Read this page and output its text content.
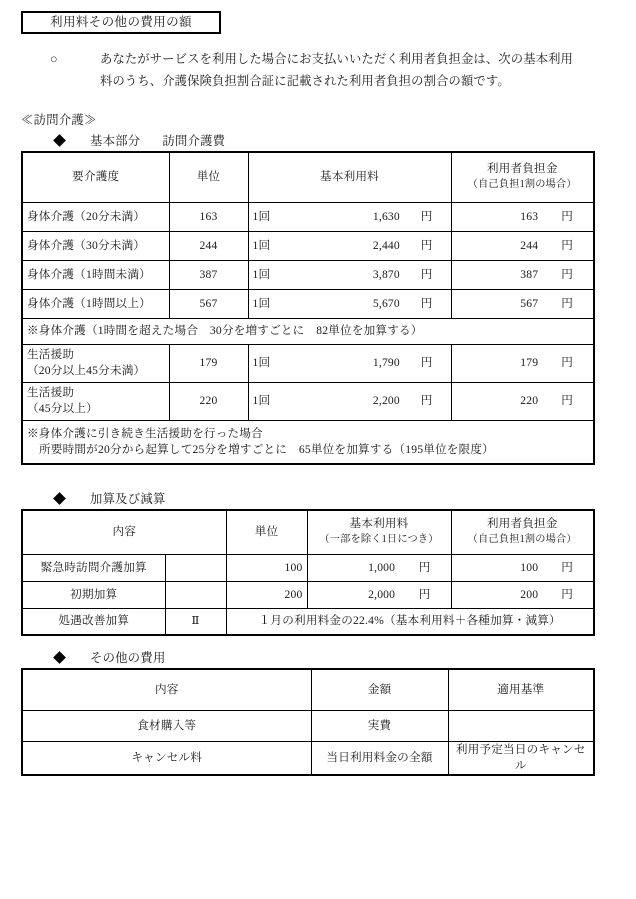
利用料その他の費用の額
○	あなたがサービスを利用した場合にお支払いいただく利用者負担金は、次の基本利用

料のうち、介護保険負担割合証に記載された利用者負担の割合の額です。

≪訪問介護≫
基本部分 訪問介護費
要介護度	単位	基本利用料	利用者負担金
（自己負担1割の場合）

身体介護（20分未満）	163	1回 1,630 円	163 円

身体介護（30分未満）	244	1回 2,440 円	244 円

身体介護（1時間未満）	387	1回 3,870 円	387 円

身体介護（1時間以上）	567	1回 5,670 円	567 円

※身体介護（1時間を超えた場合　30分を増すごとに　82単位を加算する）			

生活援助
（20分以上45分未満）	179	1回 1,790 円	179 円

生活援助
（45分以上）	220	1回 2,200 円	220 円

※身体介護に引き続き生活援助を行った場合
所要時間が20分から起算して25分を増すごとに　65単位を加算する（195単位を限度）			
加算及び減算
内容		単位	基本利用料
（一部を除く1日につき）	利用者負担金
（自己負担1割の場合）

緊急時訪問介護加算		100	1,000 円	100 円

初期加算		200	2,000 円	200 円

処遇改善加算	Ⅱ	１月の利用料金の22.4%（基本利用料＋各種加算・減算）		
その他の費用
内容	金額	適用基準
食材購入等	実費	
キャンセル料	当日利用料金の全額	利用予定当日のキャンセル
